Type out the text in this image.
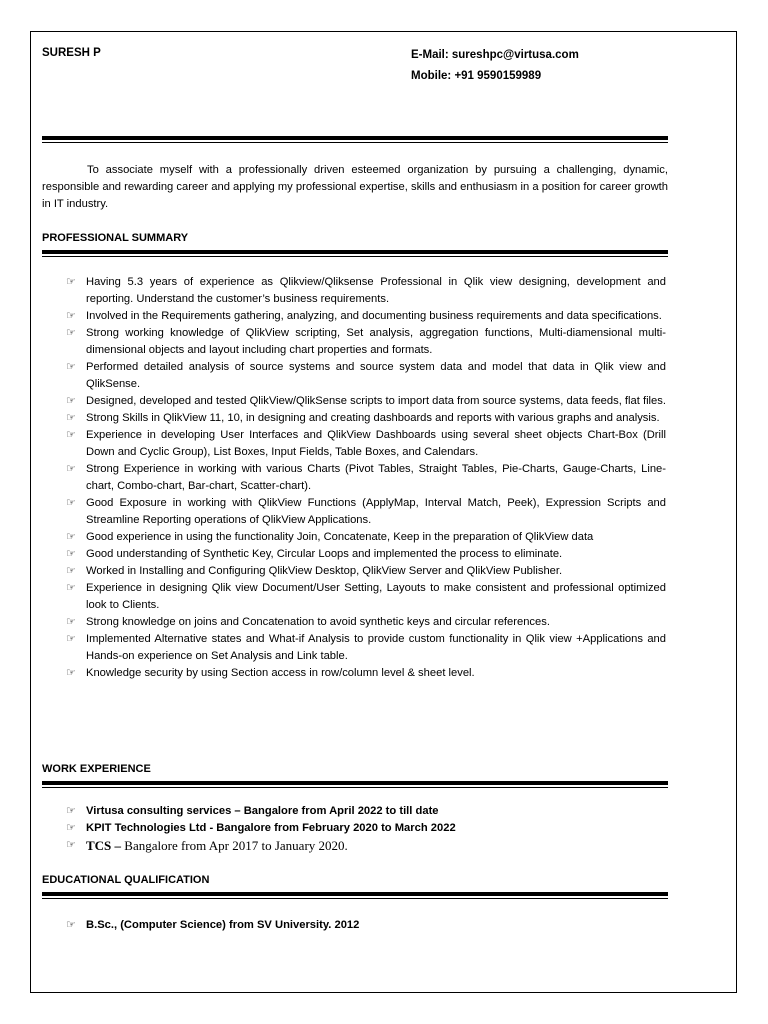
SURESH P	E-Mail: sureshpc@virtusa.com
Mobile: +91 9590159989
To associate myself with a professionally driven esteemed organization by pursuing a challenging, dynamic, responsible and rewarding career and applying my professional expertise, skills and enthusiasm in a position for career growth in IT industry.
PROFESSIONAL SUMMARY
☞ Having 5.3 years of experience as Qlikview/Qliksense Professional in Qlik view designing, development and reporting. Understand the customer’s business requirements.
☞ Involved in the Requirements gathering, analyzing, and documenting business requirements and data specifications.
☞ Strong working knowledge of QlikView scripting, Set analysis, aggregation functions, Multi-diamensional multi- dimensional objects and layout including chart properties and formats.
☞ Performed detailed analysis of source systems and source system data and model that data in Qlik view and QlikSense.
☞ Designed, developed and tested QlikView/QlikSense scripts to import data from source systems, data feeds, flat files.
☞ Strong Skills in QlikView 11, 10, in designing and creating dashboards and reports with various graphs and analysis.
☞ Experience in developing User Interfaces and QlikView Dashboards using several sheet objects Chart-Box (Drill Down and Cyclic Group), List Boxes, Input Fields, Table Boxes, and Calendars.
☞ Strong Experience in working with various Charts (Pivot Tables, Straight Tables, Pie-Charts, Gauge-Charts, Line-chart, Combo-chart, Bar-chart, Scatter-chart).
☞ Good Exposure in working with QlikView Functions (ApplyMap, Interval Match, Peek), Expression Scripts and Streamline Reporting operations of QlikView Applications.
☞ Good experience in using the functionality Join, Concatenate, Keep in the preparation of QlikView data
☞ Good understanding of Synthetic Key, Circular Loops and implemented the process to eliminate.
☞ Worked in Installing and Configuring QlikView Desktop, QlikView Server and QlikView Publisher.
☞ Experience in designing Qlik view Document/User Setting, Layouts to make consistent and professional optimized look to Clients.
☞ Strong knowledge on joins and Concatenation to avoid synthetic keys and circular references.
☞ Implemented Alternative states and What-if Analysis to provide custom functionality in Qlik view +Applications and Hands-on experience on Set Analysis and Link table.
☞ Knowledge security by using Section access in row/column level & sheet level.
WORK EXPERIENCE
☞ Virtusa consulting services – Bangalore from April 2022 to till date
☞ KPIT Technologies Ltd - Bangalore from February 2020 to March 2022
☞ TCS – Bangalore from Apr 2017 to January 2020.
EDUCATIONAL QUALIFICATION
☞ B.Sc., (Computer Science) from SV University. 2012
